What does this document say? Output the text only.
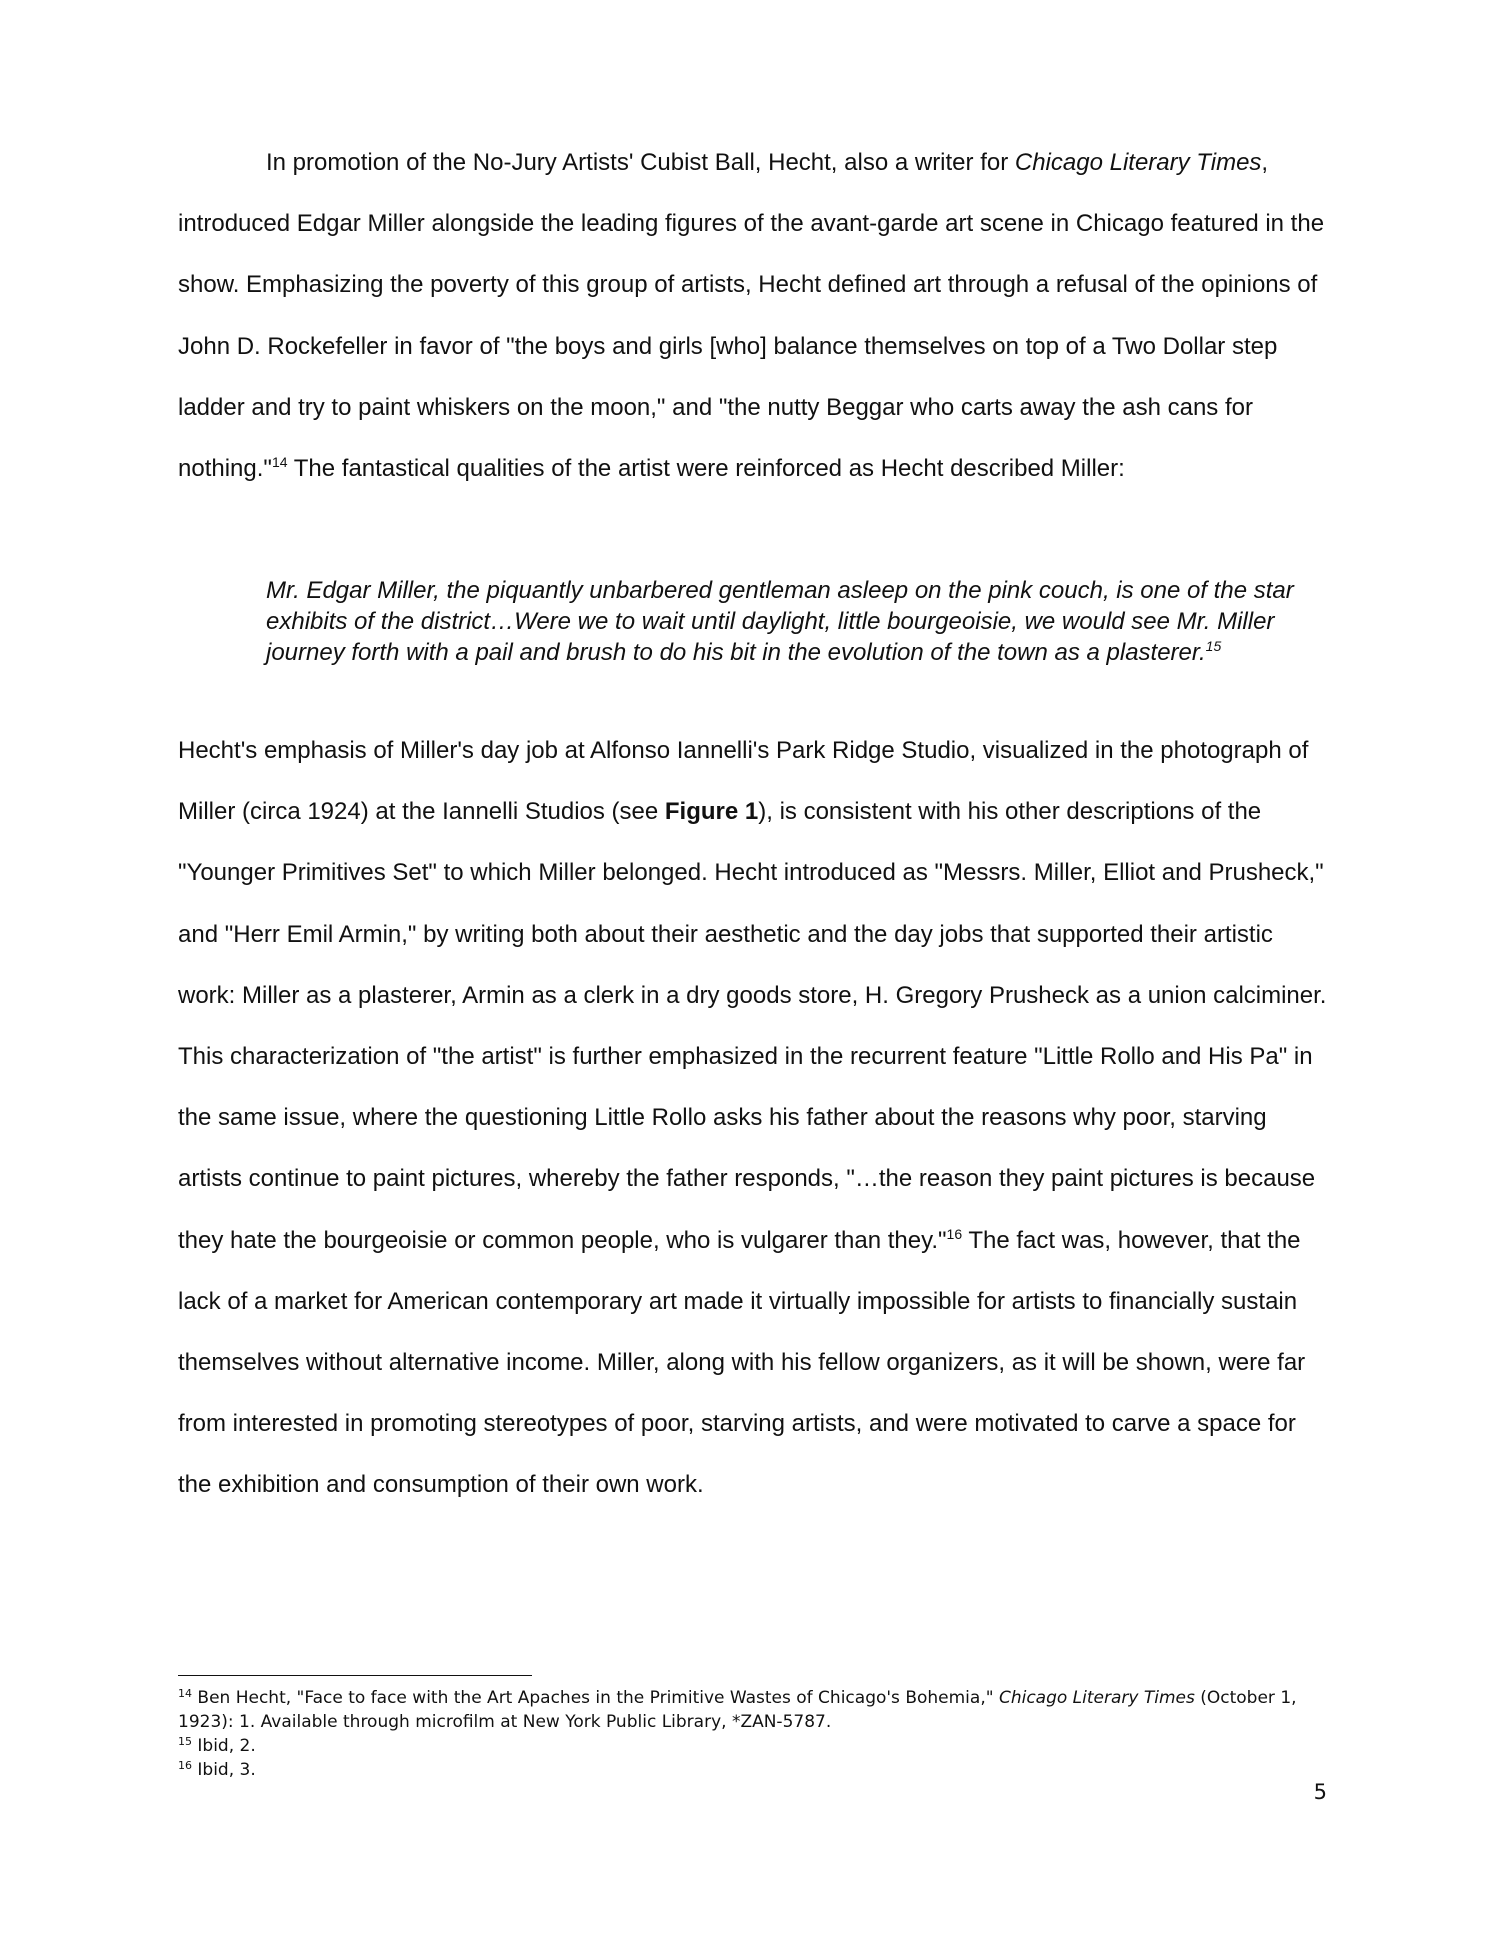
In promotion of the No-Jury Artists' Cubist Ball, Hecht, also a writer for Chicago Literary Times, introduced Edgar Miller alongside the leading figures of the avant-garde art scene in Chicago featured in the show. Emphasizing the poverty of this group of artists, Hecht defined art through a refusal of the opinions of John D. Rockefeller in favor of "the boys and girls [who] balance themselves on top of a Two Dollar step ladder and try to paint whiskers on the moon," and "the nutty Beggar who carts away the ash cans for nothing."$^{14}$ The fantastical qualities of the artist were reinforced as Hecht described Miller:

Mr. Edgar Miller, the piquantly unbarbered gentleman asleep on the pink couch, is one of the star exhibits of the district…Were we to wait until daylight, little bourgeoisie, we would see Mr. Miller journey forth with a pail and brush to do his bit in the evolution of the town as a plasterer.$^{15}$

Hecht's emphasis of Miller's day job at Alfonso Iannelli's Park Ridge Studio, visualized in the photograph of Miller (circa 1924) at the Iannelli Studios (see Figure 1), is consistent with his other descriptions of the "Younger Primitives Set" to which Miller belonged. Hecht introduced as "Messrs. Miller, Elliot and Prusheck," and "Herr Emil Armin," by writing both about their aesthetic and the day jobs that supported their artistic work: Miller as a plasterer, Armin as a clerk in a dry goods store, H. Gregory Prusheck as a union calciminer. This characterization of "the artist" is further emphasized in the recurrent feature "Little Rollo and His Pa" in the same issue, where the questioning Little Rollo asks his father about the reasons why poor, starving artists continue to paint pictures, whereby the father responds, "…the reason they paint pictures is because they hate the bourgeoisie or common people, who is vulgarer than they."$^{16}$ The fact was, however, that the lack of a market for American contemporary art made it virtually impossible for artists to financially sustain themselves without alternative income. Miller, along with his fellow organizers, as it will be shown, were far from interested in promoting stereotypes of poor, starving artists, and were motivated to carve a space for the exhibition and consumption of their own work.

$^{14}$ Ben Hecht, "Face to face with the Art Apaches in the Primitive Wastes of Chicago's Bohemia," Chicago Literary Times (October 1, 1923): 1. Available through microfilm at New York Public Library, *ZAN-5787.

$^{15}$ Ibid, 2.

$^{16}$ Ibid, 3.

5
